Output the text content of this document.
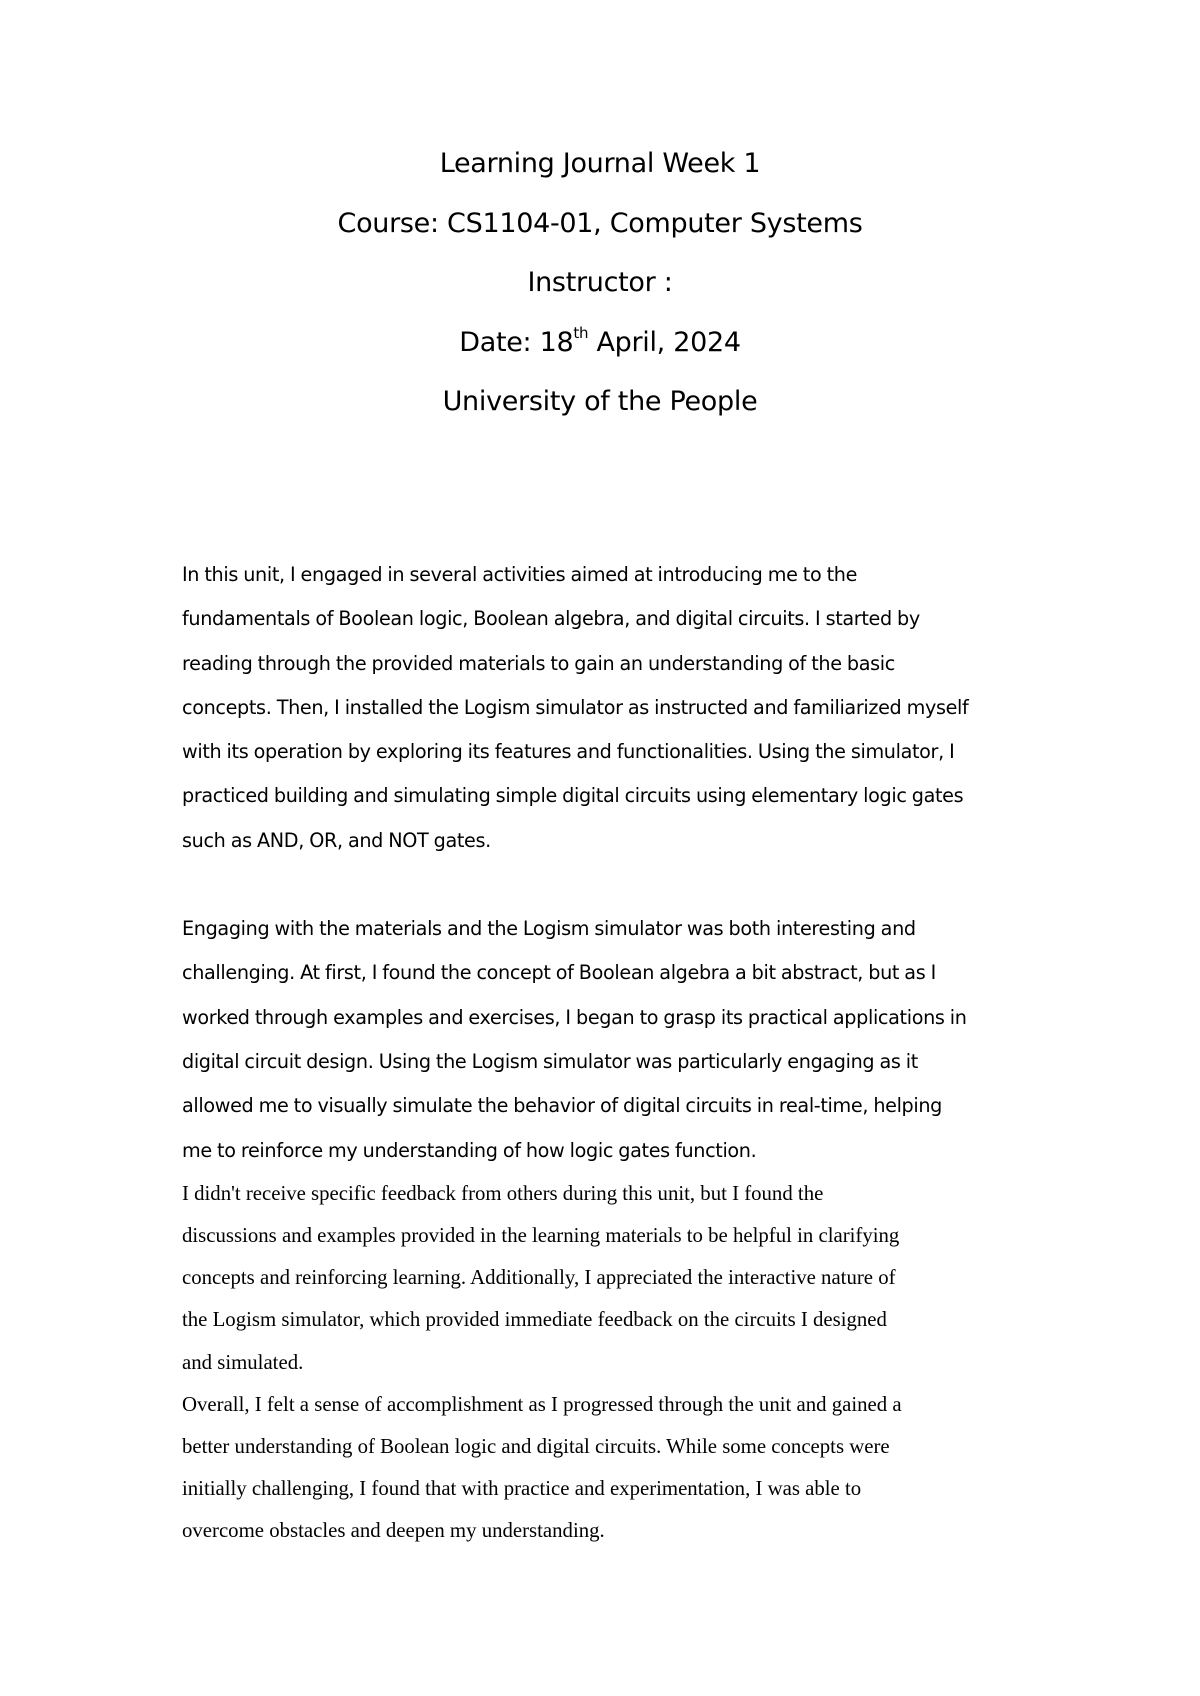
Learning Journal Week 1
Course: CS1104-01, Computer Systems
Instructor :
Date: 18th April, 2024
University of the People

In this unit, I engaged in several activities aimed at introducing me to the
fundamentals of Boolean logic, Boolean algebra, and digital circuits. I started by
reading through the provided materials to gain an understanding of the basic
concepts. Then, I installed the Logism simulator as instructed and familiarized myself
with its operation by exploring its features and functionalities. Using the simulator, I
practiced building and simulating simple digital circuits using elementary logic gates
such as AND, OR, and NOT gates.

Engaging with the materials and the Logism simulator was both interesting and
challenging. At first, I found the concept of Boolean algebra a bit abstract, but as I
worked through examples and exercises, I began to grasp its practical applications in
digital circuit design. Using the Logism simulator was particularly engaging as it
allowed me to visually simulate the behavior of digital circuits in real-time, helping
me to reinforce my understanding of how logic gates function.

I didn't receive specific feedback from others during this unit, but I found the
discussions and examples provided in the learning materials to be helpful in clarifying
concepts and reinforcing learning. Additionally, I appreciated the interactive nature of
the Logism simulator, which provided immediate feedback on the circuits I designed
and simulated.

Overall, I felt a sense of accomplishment as I progressed through the unit and gained a
better understanding of Boolean logic and digital circuits. While some concepts were
initially challenging, I found that with practice and experimentation, I was able to
overcome obstacles and deepen my understanding.
